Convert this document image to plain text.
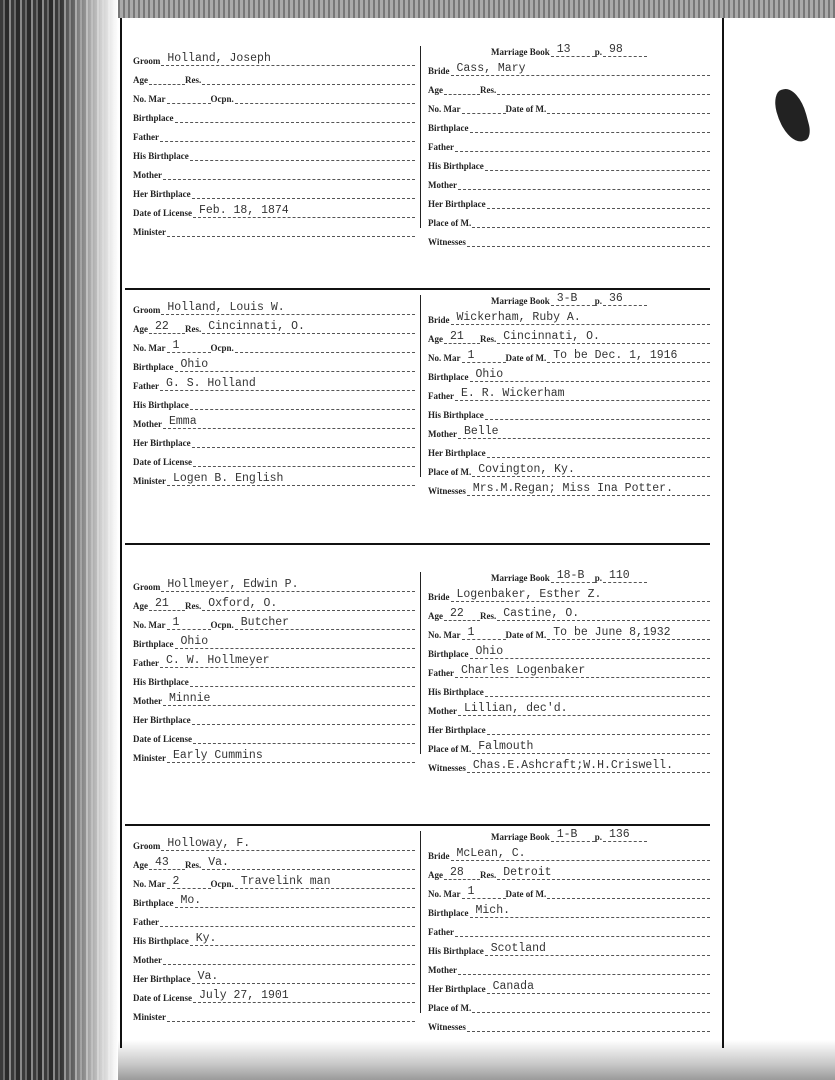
Groom Holland, Joseph
Age	Res.
No. Mar	Ocpn.
Birthplace
Father
His Birthplace
Mother
Her Birthplace
Date of License Feb. 18, 1874
Minister
Marriage Book 13	p. 98
Bride Cass, Mary
Age	Res.
No. Mar	Date of M.
Birthplace
Father
His Birthplace
Mother
Her Birthplace
Place of M.
Witnesses
Groom Holland, Louis W.
Age 22	Res. Cincinnati, O.
No. Mar 1	Ocpn.
Birthplace Ohio
Father G. S. Holland
His Birthplace
Mother Emma
Her Birthplace
Date of License
Minister Logen B. English
Marriage Book 3-B	p. 36
Bride Wickerham, Ruby A.
Age 21	Res. Cincinnati, O.
No. Mar 1	Date of M. To be Dec. 1, 1916
Birthplace Ohio
Father E. R. Wickerham
His Birthplace
Mother Belle
Her Birthplace
Place of M. Covington, Ky.
Witnesses Mrs.M.Regan; Miss Ina Potter.
Groom Hollmeyer, Edwin P.
Age 21	Res. Oxford, O.
No. Mar 1	Ocpn. Butcher
Birthplace Ohio
Father C. W. Hollmeyer
His Birthplace
Mother Minnie
Her Birthplace
Date of License
Minister Early Cummins
Marriage Book 18-B	p. 110
Bride Logenbaker, Esther Z.
Age 22	Res. Castine, O.
No. Mar 1	Date of M. To be June 8,1932
Birthplace Ohio
Father Charles Logenbaker
His Birthplace
Mother Lillian, dec'd.
Her Birthplace
Place of M. Falmouth
Witnesses Chas.E.Ashcraft;W.H.Criswell.
Groom Holloway, F.
Age 43	Res. Va.
No. Mar 2	Ocpn. Travelink man
Birthplace Mo.
Father
His Birthplace Ky.
Mother
Her Birthplace Va.
Date of License July 27, 1901
Minister
Marriage Book 1-B	p. 136
Bride McLean, C.
Age 28	Res. Detroit
No. Mar 1	Date of M.
Birthplace Mich.
Father
His Birthplace Scotland
Mother
Her Birthplace Canada
Place of M.
Witnesses
